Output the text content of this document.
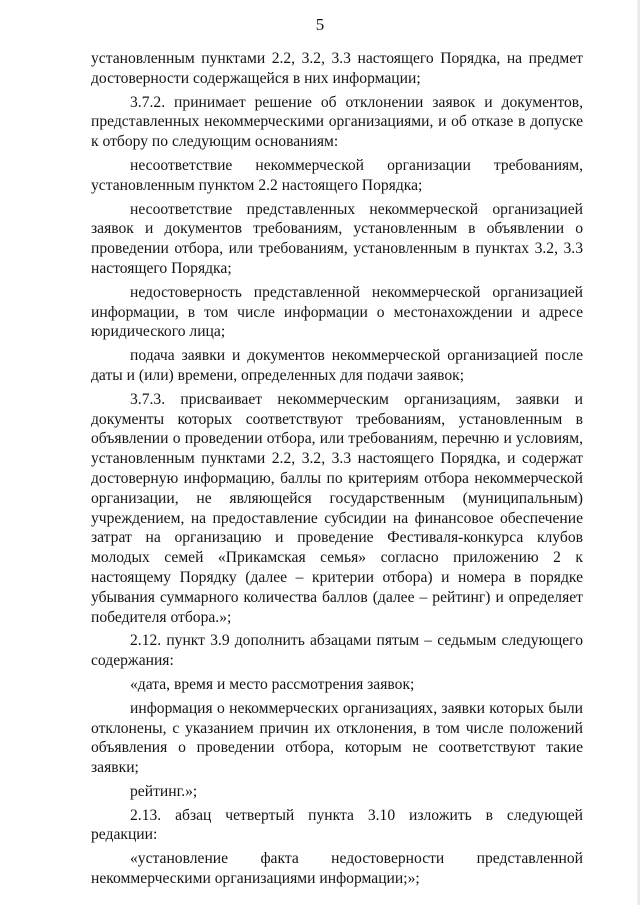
5

установленным пунктами 2.2, 3.2, 3.3 настоящего Порядка, на предмет достоверности содержащейся в них информации;

3.7.2. принимает решение об отклонении заявок и документов, представленных некоммерческими организациями, и об отказе в допуске к отбору по следующим основаниям:

несоответствие некоммерческой организации требованиям, установленным пунктом 2.2 настоящего Порядка;

несоответствие представленных некоммерческой организацией заявок и документов требованиям, установленным в объявлении о проведении отбора, или требованиям, установленным в пунктах 3.2, 3.3 настоящего Порядка;

недостоверность представленной некоммерческой организацией информации, в том числе информации о местонахождении и адресе юридического лица;

подача заявки и документов некоммерческой организацией после даты и (или) времени, определенных для подачи заявок;

3.7.3. присваивает некоммерческим организациям, заявки и документы которых соответствуют требованиям, установленным в объявлении о проведении отбора, или требованиям, перечню и условиям, установленным пунктами 2.2, 3.2, 3.3 настоящего Порядка, и содержат достоверную информацию, баллы по критериям отбора некоммерческой организации, не являющейся государственным (муниципальным) учреждением, на предоставление субсидии на финансовое обеспечение затрат на организацию и проведение Фестиваля-конкурса клубов молодых семей «Прикамская семья» согласно приложению 2 к настоящему Порядку (далее – критерии отбора) и номера в порядке убывания суммарного количества баллов (далее – рейтинг) и определяет победителя отбора.»;

2.12. пункт 3.9 дополнить абзацами пятым – седьмым следующего содержания:

«дата, время и место рассмотрения заявок;

информация о некоммерческих организациях, заявки которых были отклонены, с указанием причин их отклонения, в том числе положений объявления о проведении отбора, которым не соответствуют такие заявки;

рейтинг.»;

2.13. абзац четвертый пункта 3.10 изложить в следующей редакции:

«установление факта недостоверности представленной некоммерческими организациями информации;»;
